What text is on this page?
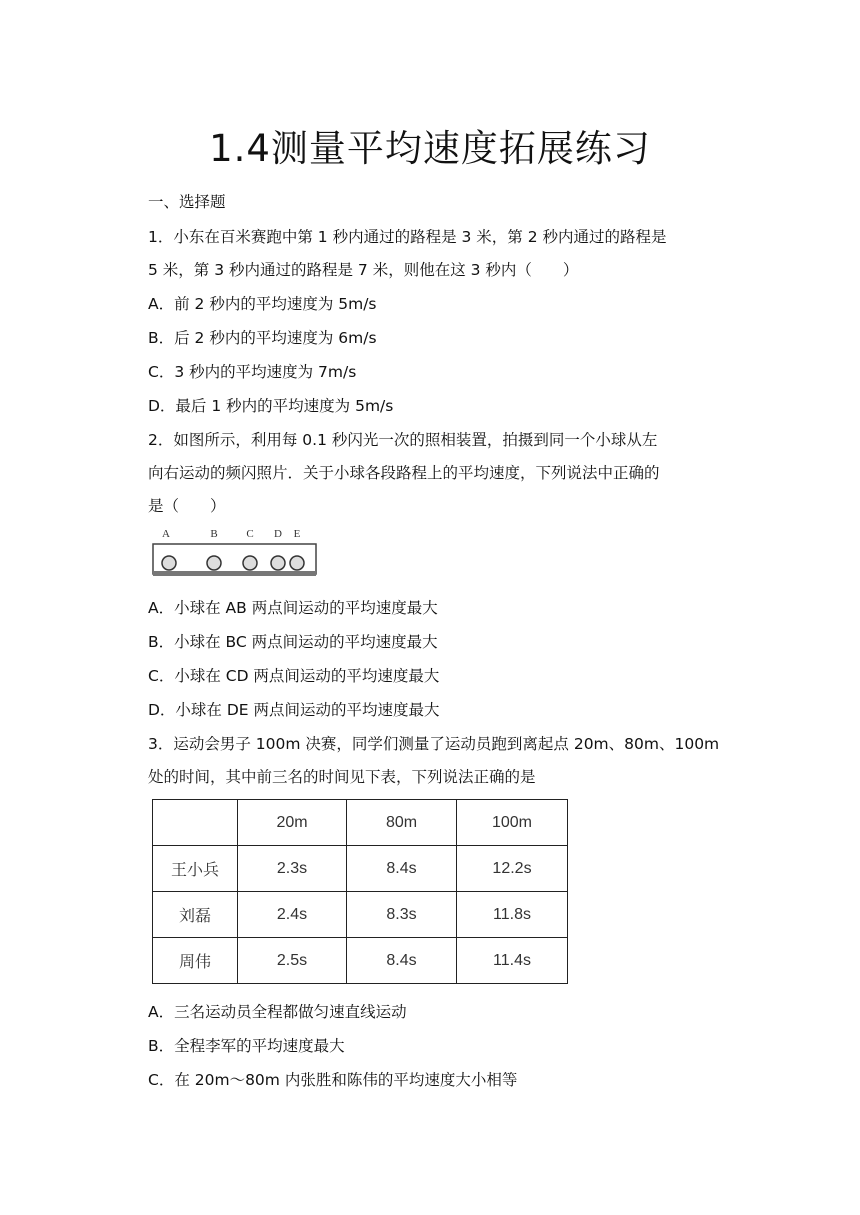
1.4测量平均速度拓展练习
一、选择题
1．小东在百米赛跑中第 1 秒内通过的路程是 3 米，第 2 秒内通过的路程是
5 米，第 3 秒内通过的路程是 7 米，则他在这 3 秒内（　　）
A．前 2 秒内的平均速度为 5m/s
B．后 2 秒内的平均速度为 6m/s
C．3 秒内的平均速度为 7m/s
D．最后 1 秒内的平均速度为 5m/s
2．如图所示，利用每 0.1 秒闪光一次的照相装置，拍摄到同一个小球从左
向右运动的频闪照片．关于小球各段路程上的平均速度，下列说法中正确的
是（　　）
A	B	C D E
A．小球在 AB 两点间运动的平均速度最大
B．小球在 BC 两点间运动的平均速度最大
C．小球在 CD 两点间运动的平均速度最大
D．小球在 DE 两点间运动的平均速度最大
3．运动会男子 100m 决赛，同学们测量了运动员跑到离起点 20m、80m、100m
处的时间，其中前三名的时间见下表，下列说法正确的是
	20m	80m	100m
王小兵	2.3s	8.4s	12.2s
刘磊	2.4s	8.3s	11.8s
周伟	2.5s	8.4s	11.4s
A．三名运动员全程都做匀速直线运动
B．全程李军的平均速度最大
C．在 20m～80m 内张胜和陈伟的平均速度大小相等
